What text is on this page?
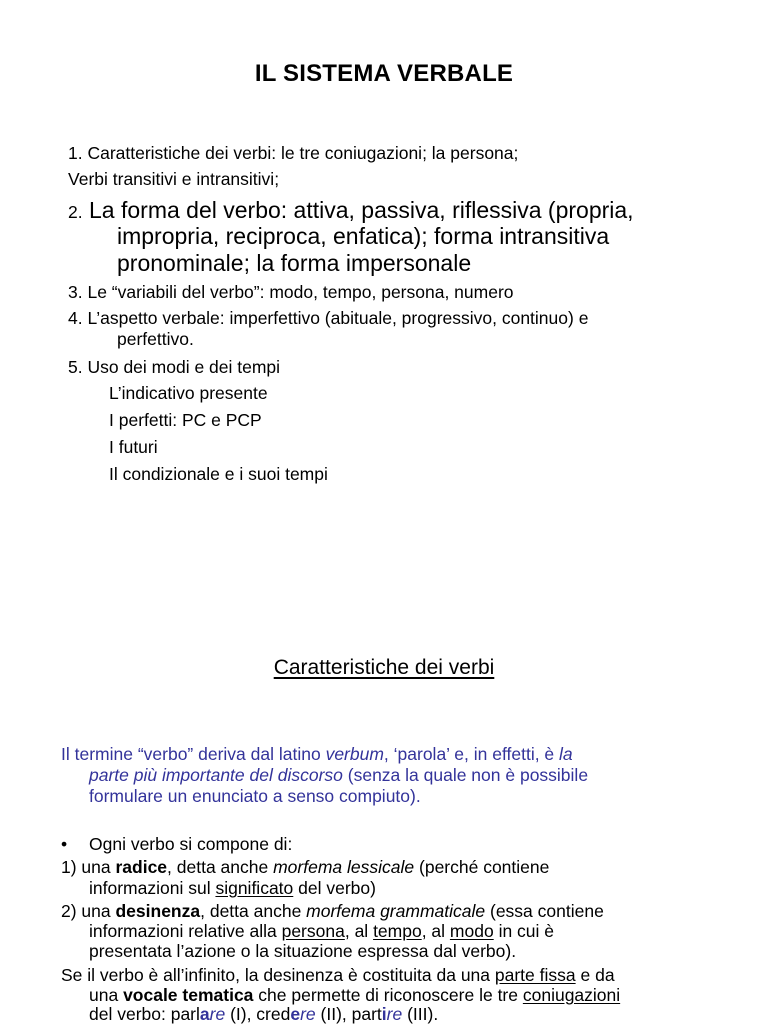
IL SISTEMA VERBALE
1. Caratteristiche dei verbi: le tre coniugazioni; la persona;
Verbi transitivi e intransitivi;
2. La forma del verbo: attiva, passiva, riflessiva (propria,
impropria, reciproca, enfatica); forma intransitiva
pronominale; la forma impersonale
3. Le “variabili del verbo”: modo, tempo, persona, numero
4. L’aspetto verbale: imperfettivo (abituale, progressivo, continuo) e
perfettivo.
5. Uso dei modi e dei tempi
L’indicativo presente
I perfetti: PC e PCP
I futuri
Il condizionale e i suoi tempi
Caratteristiche dei verbi
Il termine “verbo” deriva dal latino verbum, ‘parola’ e, in effetti, è la
parte più importante del discorso (senza la quale non è possibile
formulare un enunciato a senso compiuto).
• Ogni verbo si compone di:
1) una radice, detta anche morfema lessicale (perché contiene
informazioni sul significato del verbo)
2) una desinenza, detta anche morfema grammaticale (essa contiene
informazioni relative alla persona, al tempo, al modo in cui è
presentata l’azione o la situazione espressa dal verbo).
Se il verbo è all’infinito, la desinenza è costituita da una parte fissa e da
una vocale tematica che permette di riconoscere le tre coniugazioni
del verbo: parlare (I), credere (II), partire (III).
